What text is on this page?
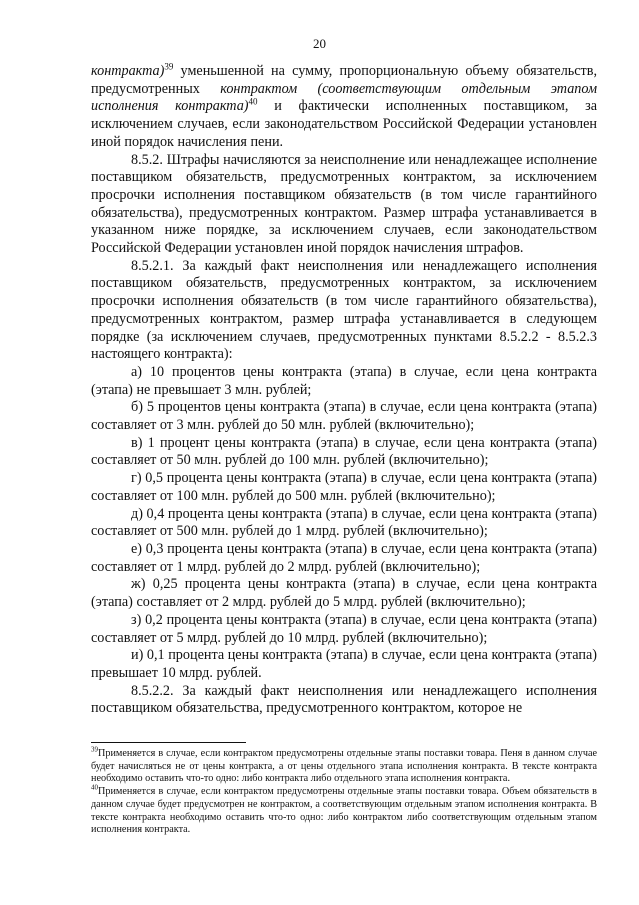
20

контракта)$^{39}$ уменьшенной на сумму, пропорциональную объему обязательств, предусмотренных контрактом (соответствующим отдельным этапом исполнения контракта)$^{40}$ и фактически исполненных поставщиком, за исключением случаев, если законодательством Российской Федерации установлен иной порядок начисления пени.

8.5.2. Штрафы начисляются за неисполнение или ненадлежащее исполнение поставщиком обязательств, предусмотренных контрактом, за исключением просрочки исполнения поставщиком обязательств (в том числе гарантийного обязательства), предусмотренных контрактом. Размер штрафа устанавливается в указанном ниже порядке, за исключением случаев, если законодательством Российской Федерации установлен иной порядок начисления штрафов.

8.5.2.1. За каждый факт неисполнения или ненадлежащего исполнения поставщиком обязательств, предусмотренных контрактом, за исключением просрочки исполнения обязательств (в том числе гарантийного обязательства), предусмотренных контрактом, размер штрафа устанавливается в следующем порядке (за исключением случаев, предусмотренных пунктами 8.5.2.2 - 8.5.2.3 настоящего контракта):

а) 10 процентов цены контракта (этапа) в случае, если цена контракта (этапа) не превышает 3 млн. рублей;

б) 5 процентов цены контракта (этапа) в случае, если цена контракта (этапа) составляет от 3 млн. рублей до 50 млн. рублей (включительно);

в) 1 процент цены контракта (этапа) в случае, если цена контракта (этапа) составляет от 50 млн. рублей до 100 млн. рублей (включительно);

г) 0,5 процента цены контракта (этапа) в случае, если цена контракта (этапа) составляет от 100 млн. рублей до 500 млн. рублей (включительно);

д) 0,4 процента цены контракта (этапа) в случае, если цена контракта (этапа) составляет от 500 млн. рублей до 1 млрд. рублей (включительно);

е) 0,3 процента цены контракта (этапа) в случае, если цена контракта (этапа) составляет от 1 млрд. рублей до 2 млрд. рублей (включительно);

ж) 0,25 процента цены контракта (этапа) в случае, если цена контракта (этапа) составляет от 2 млрд. рублей до 5 млрд. рублей (включительно);

з) 0,2 процента цены контракта (этапа) в случае, если цена контракта (этапа) составляет от 5 млрд. рублей до 10 млрд. рублей (включительно);

и) 0,1 процента цены контракта (этапа) в случае, если цена контракта (этапа) превышает 10 млрд. рублей.

8.5.2.2. За каждый факт неисполнения или ненадлежащего исполнения поставщиком обязательства, предусмотренного контрактом, которое не

$^{39}$Применяется в случае, если контрактом предусмотрены отдельные этапы поставки товара. Пеня в данном случае будет начисляться не от цены контракта, а от цены отдельного этапа исполнения контракта. В тексте контракта необходимо оставить что-то одно: либо контракта либо отдельного этапа исполнения контракта.

$^{40}$Применяется в случае, если контрактом предусмотрены отдельные этапы поставки товара. Объем обязательств в данном случае будет предусмотрен не контрактом, а соответствующим отдельным этапом исполнения контракта. В тексте контракта необходимо оставить что-то одно: либо контрактом либо соответствующим отдельным этапом исполнения контракта.
